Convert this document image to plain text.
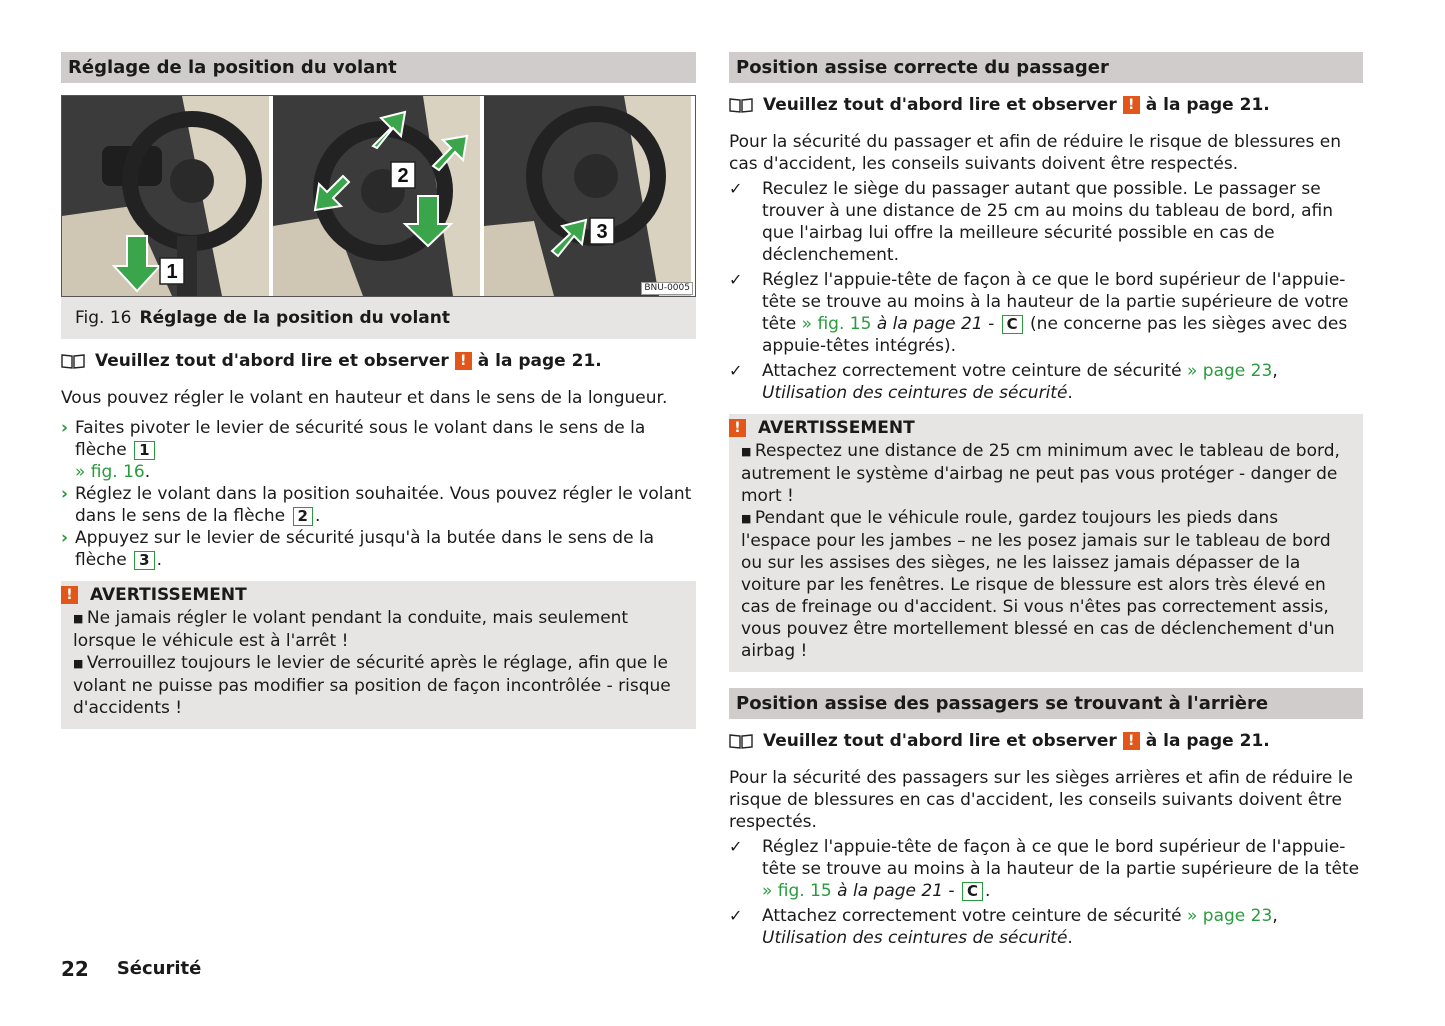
Réglage de la position du volant
1
2
3
BNU-0005
Fig. 16 Réglage de la position du volant
Veuillez tout d'abord lire et observer ! à la page 21.

Vous pouvez régler le volant en hauteur et dans le sens de la longueur.

› Faites pivoter le levier de sécurité sous le volant dans le sens de la flèche 1
» fig. 16.
› Réglez le volant dans la position souhaitée. Vous pouvez régler le volant dans le sens de la flèche 2 .
› Appuyez sur le levier de sécurité jusqu'à la butée dans le sens de la flèche 3 .
!	AVERTISSEMENT

■ Ne jamais régler le volant pendant la conduite, mais seulement lorsque le véhicule est à l'arrêt !

■ Verrouillez toujours le levier de sécurité après le réglage, afin que le volant ne puisse pas modifier sa position de façon incontrôlée - risque d'accidents !

Position assise correcte du passager
Veuillez tout d'abord lire et observer ! à la page 21.

Pour la sécurité du passager et afin de réduire le risque de blessures en cas d'accident, les conseils suivants doivent être respectés.

✓ Reculez le siège du passager autant que possible. Le passager se trouver à une distance de 25 cm au moins du tableau de bord, afin que l'airbag lui offre la meilleure sécurité possible en cas de déclenchement.
✓ Réglez l'appuie-tête de façon à ce que le bord supérieur de l'appuie-tête se trouve au moins à la hauteur de la partie supérieure de votre tête » fig. 15 à la page 21 - C (ne concerne pas les sièges avec des appuie-têtes intégrés).
✓ Attachez correctement votre ceinture de sécurité » page 23, Utilisation des ceintures de sécurité.
!	AVERTISSEMENT

■ Respectez une distance de 25 cm minimum avec le tableau de bord, autrement le système d'airbag ne peut pas vous protéger - danger de mort !

■ Pendant que le véhicule roule, gardez toujours les pieds dans l'espace pour les jambes – ne les posez jamais sur le tableau de bord ou sur les assises des sièges, ne les laissez jamais dépasser de la voiture par les fenêtres. Le risque de blessure est alors très élevé en cas de freinage ou d'accident. Si vous n'êtes pas correctement assis, vous pouvez être mortellement blessé en cas de déclenchement d'un airbag !

Position assise des passagers se trouvant à l'arrière
Veuillez tout d'abord lire et observer ! à la page 21.

Pour la sécurité des passagers sur les sièges arrières et afin de réduire le risque de blessures en cas d'accident, les conseils suivants doivent être respectés.

✓ Réglez l'appuie-tête de façon à ce que le bord supérieur de l'appuie-tête se trouve au moins à la hauteur de la partie supérieure de la tête » fig. 15 à la page 21 - C .
✓ Attachez correctement votre ceinture de sécurité » page 23, Utilisation des ceintures de sécurité.
22 Sécurité
